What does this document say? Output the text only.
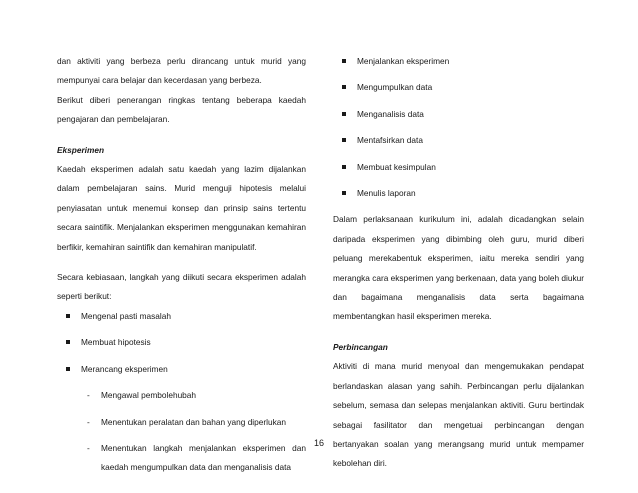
dan aktiviti yang berbeza perlu dirancang untuk murid yang mempunyai cara belajar dan kecerdasan yang berbeza.

Berikut diberi penerangan ringkas tentang beberapa kaedah pengajaran dan pembelajaran.

Eksperimen

Kaedah eksperimen adalah satu kaedah yang lazim dijalankan dalam pembelajaran sains. Murid menguji hipotesis melalui penyiasatan untuk menemui konsep dan prinsip sains tertentu secara saintifik. Menjalankan eksperimen menggunakan kemahiran berfikir, kemahiran saintifik dan kemahiran manipulatif.

Secara kebiasaan, langkah yang diikuti secara eksperimen adalah seperti berikut:

Mengenal pasti masalah
Membuat hipotesis
Merancang eksperimen
- Mengawal pembolehubah
- Menentukan peralatan dan bahan yang diperlukan
- Menentukan langkah menjalankan eksperimen dan kaedah mengumpulkan data dan menganalisis data
Menjalankan eksperimen
Mengumpulkan data
Menganalisis data
Mentafsirkan data
Membuat kesimpulan
Menulis laporan

Dalam perlaksanaan kurikulum ini, adalah dicadangkan selain daripada eksperimen yang dibimbing oleh guru, murid diberi peluang merekabentuk eksperimen, iaitu mereka sendiri yang merangka cara eksperimen yang berkenaan, data yang boleh diukur dan bagaimana menganalisis data serta bagaimana membentangkan hasil eksperimen mereka.

Perbincangan

Aktiviti di mana murid menyoal dan mengemukakan pendapat berlandaskan alasan yang sahih. Perbincangan perlu dijalankan sebelum, semasa dan selepas menjalankan aktiviti. Guru bertindak sebagai fasilitator dan mengetuai perbincangan dengan bertanyakan soalan yang merangsang murid untuk mempamer kebolehan diri.

16
